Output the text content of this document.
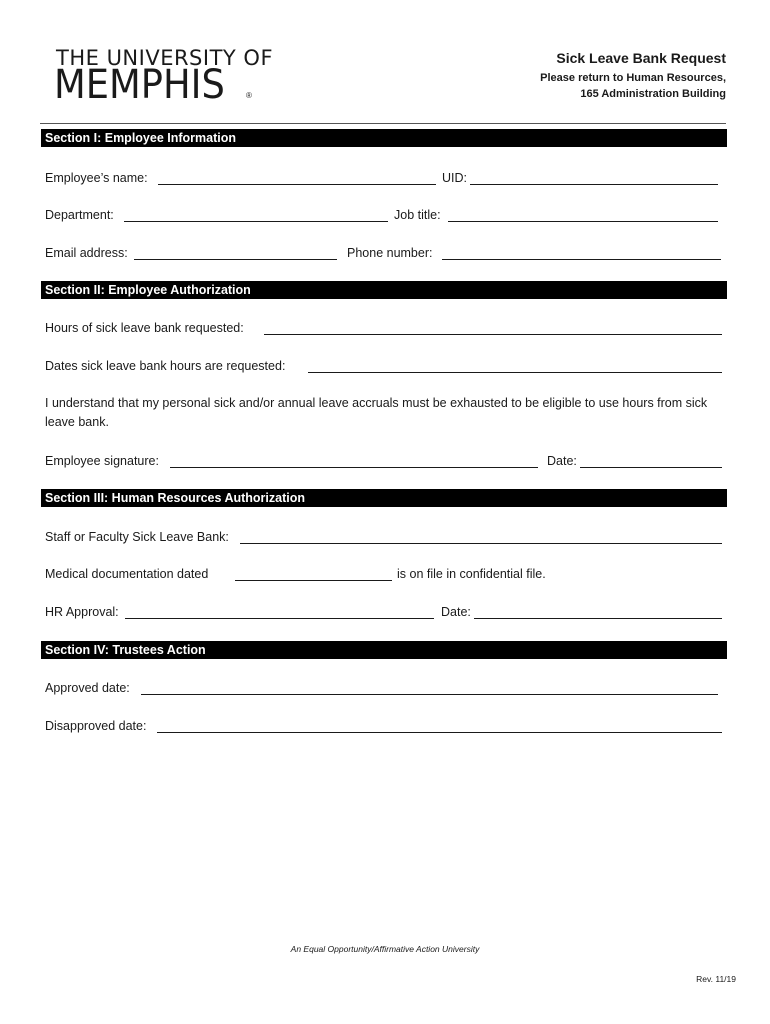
THE UNIVERSITY OF
MEMPHIS	®
Sick Leave Bank Request
Please return to Human Resources,
165 Administration Building
Section I: Employee Information
Employee’s name:	UID:
Department:	Job title:
Email address:	Phone number:
Section II: Employee Authorization
Hours of sick leave bank requested:
Dates sick leave bank hours are requested:
I understand that my personal sick and/or annual leave accruals must be exhausted to be eligible to use hours from sick leave bank.
Employee signature:	Date:
Section III: Human Resources Authorization
Staff or Faculty Sick Leave Bank:
Medical documentation dated	is on file in confidential file.
HR Approval:	Date:
Section IV: Trustees Action
Approved date:
Disapproved date:
An Equal Opportunity/Affirmative Action University
Rev. 11/19
